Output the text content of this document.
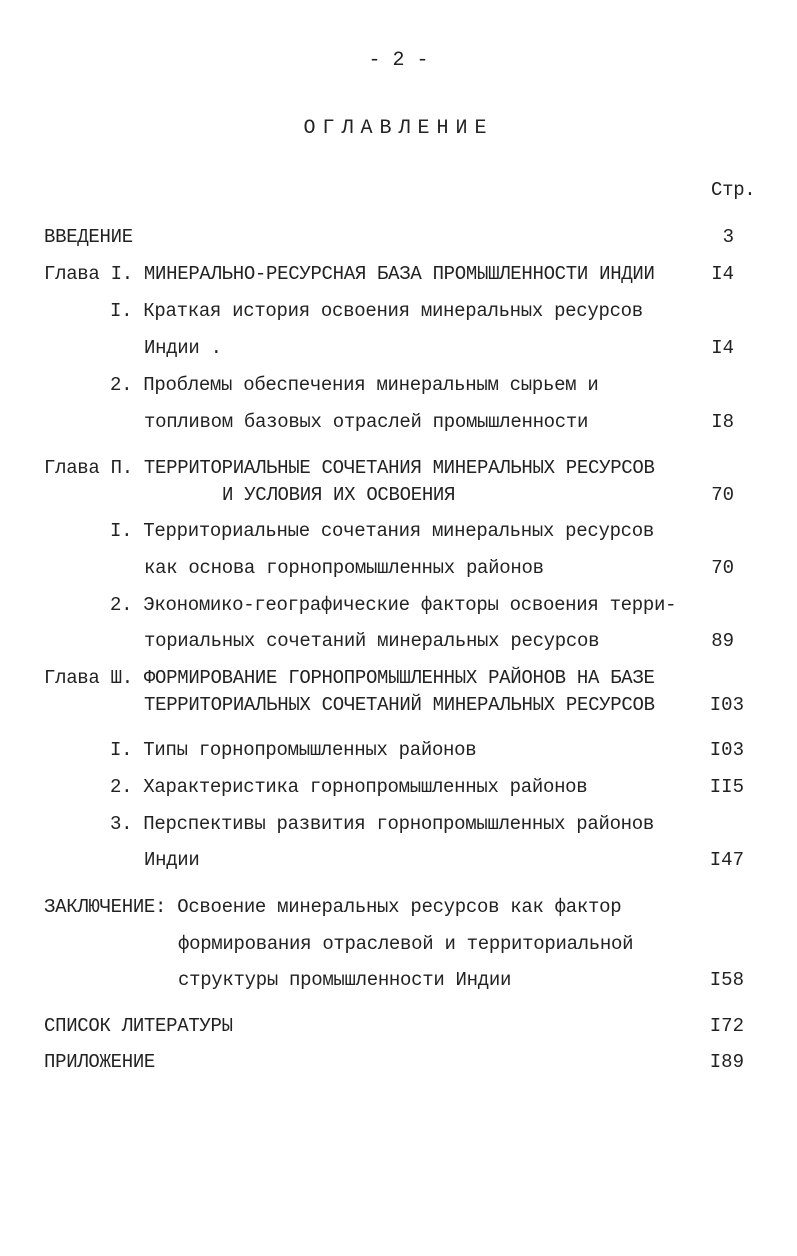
- 2 -
ОГЛАВЛЕНИЕ
Стр.
ВВЕДЕНИЕ	3
Глава I. МИНЕРАЛЬНО-РЕСУРСНАЯ БАЗА ПРОМЫШЛЕННОСТИ ИНДИИ	I4
I. Краткая история освоения минеральных ресурсов
Индии .	I4
2. Проблемы обеспечения минеральным сырьем и
топливом базовых отраслей промышленности	I8
Глава П. ТЕРРИТОРИАЛЬНЫЕ СОЧЕТАНИЯ МИНЕРАЛЬНЫХ РЕСУРСОВ
И УСЛОВИЯ ИХ ОСВОЕНИЯ	70
I. Территориальные сочетания минеральных ресурсов
как основа горнопромышленных районов	70
2. Экономико-географические факторы освоения терри-
ториальных сочетаний минеральных ресурсов	89
Глава Ш. ФОРМИРОВАНИЕ ГОРНОПРОМЫШЛЕННЫХ РАЙОНОВ НА БАЗЕ
ТЕРРИТОРИАЛЬНЫХ СОЧЕТАНИЙ МИНЕРАЛЬНЫХ РЕСУРСОВ	I03
I. Типы горнопромышленных районов	I03
2. Характеристика горнопромышленных районов	II5
3. Перспективы развития горнопромышленных районов
Индии	I47
ЗАКЛЮЧЕНИЕ: Освоение минеральных ресурсов как фактор
формирования отраслевой и территориальной
структуры промышленности Индии	I58
СПИСОК ЛИТЕРАТУРЫ	I72
ПРИЛОЖЕНИЕ	I89
